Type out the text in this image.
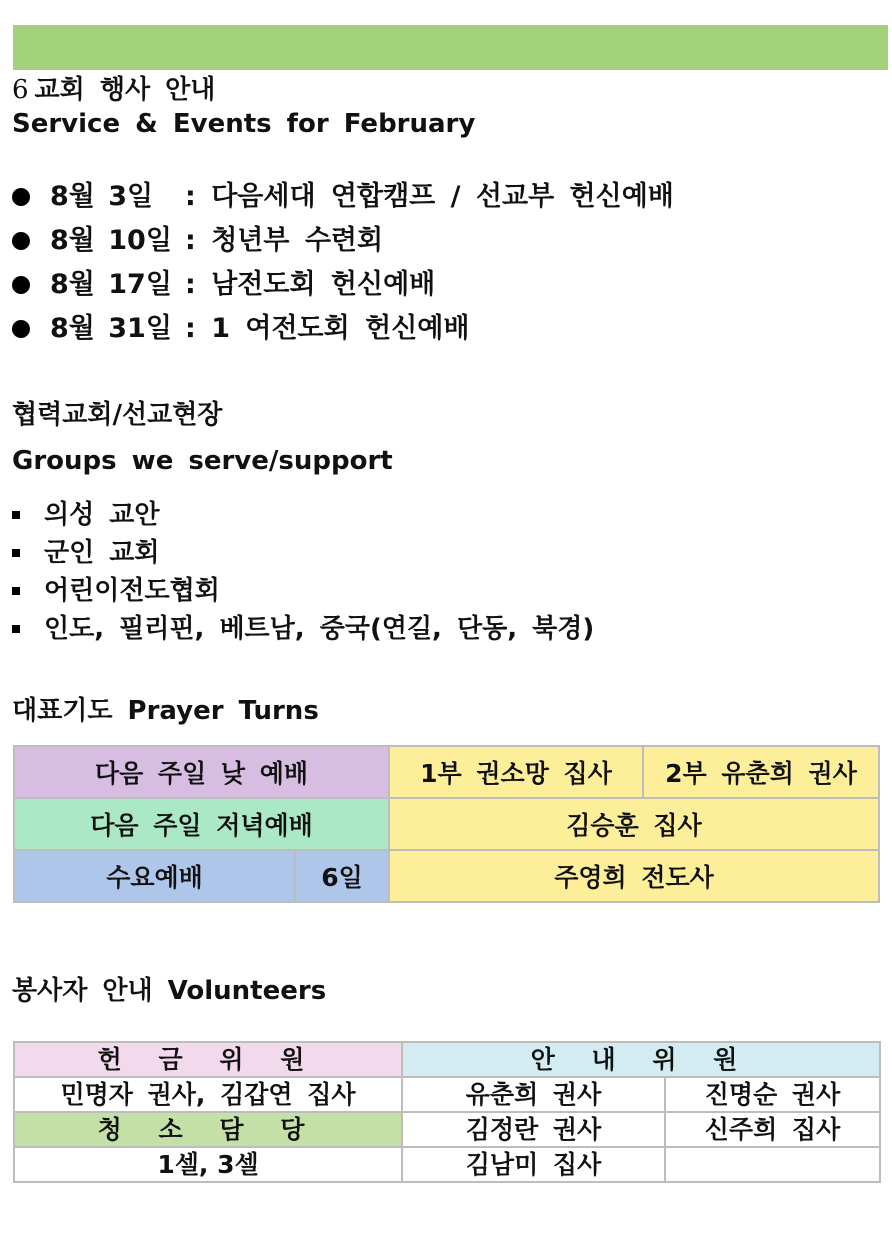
6 교회 행사 안내
Service & Events for February
8월 3일	: 다음세대 연합캠프 / 선교부 헌신예배
8월 10일 : 청년부 수련회
8월 17일 : 남전도회 헌신예배
8월 31일 : 1 여전도회 헌신예배
협력교회/선교현장
Groups we serve/support
의성 교안
군인 교회
어린이전도협회
인도, 필리핀, 베트남, 중국(연길, 단동, 북경)
대표기도 Prayer Turns
다음 주일 낮 예배		1부 권소망 집사	2부 유춘희 권사
다음 주일 저녁예배		김승훈 집사	
수요예배	6일	주영희 전도사	
봉사자 안내 Volunteers
헌 금 위 원	안 내 위 원	
민명자 권사, 김갑연 집사	유춘희 권사	진명순 권사
청 소 담 당	김정란 권사	신주희 집사
1셀, 3셀	김남미 집사	
